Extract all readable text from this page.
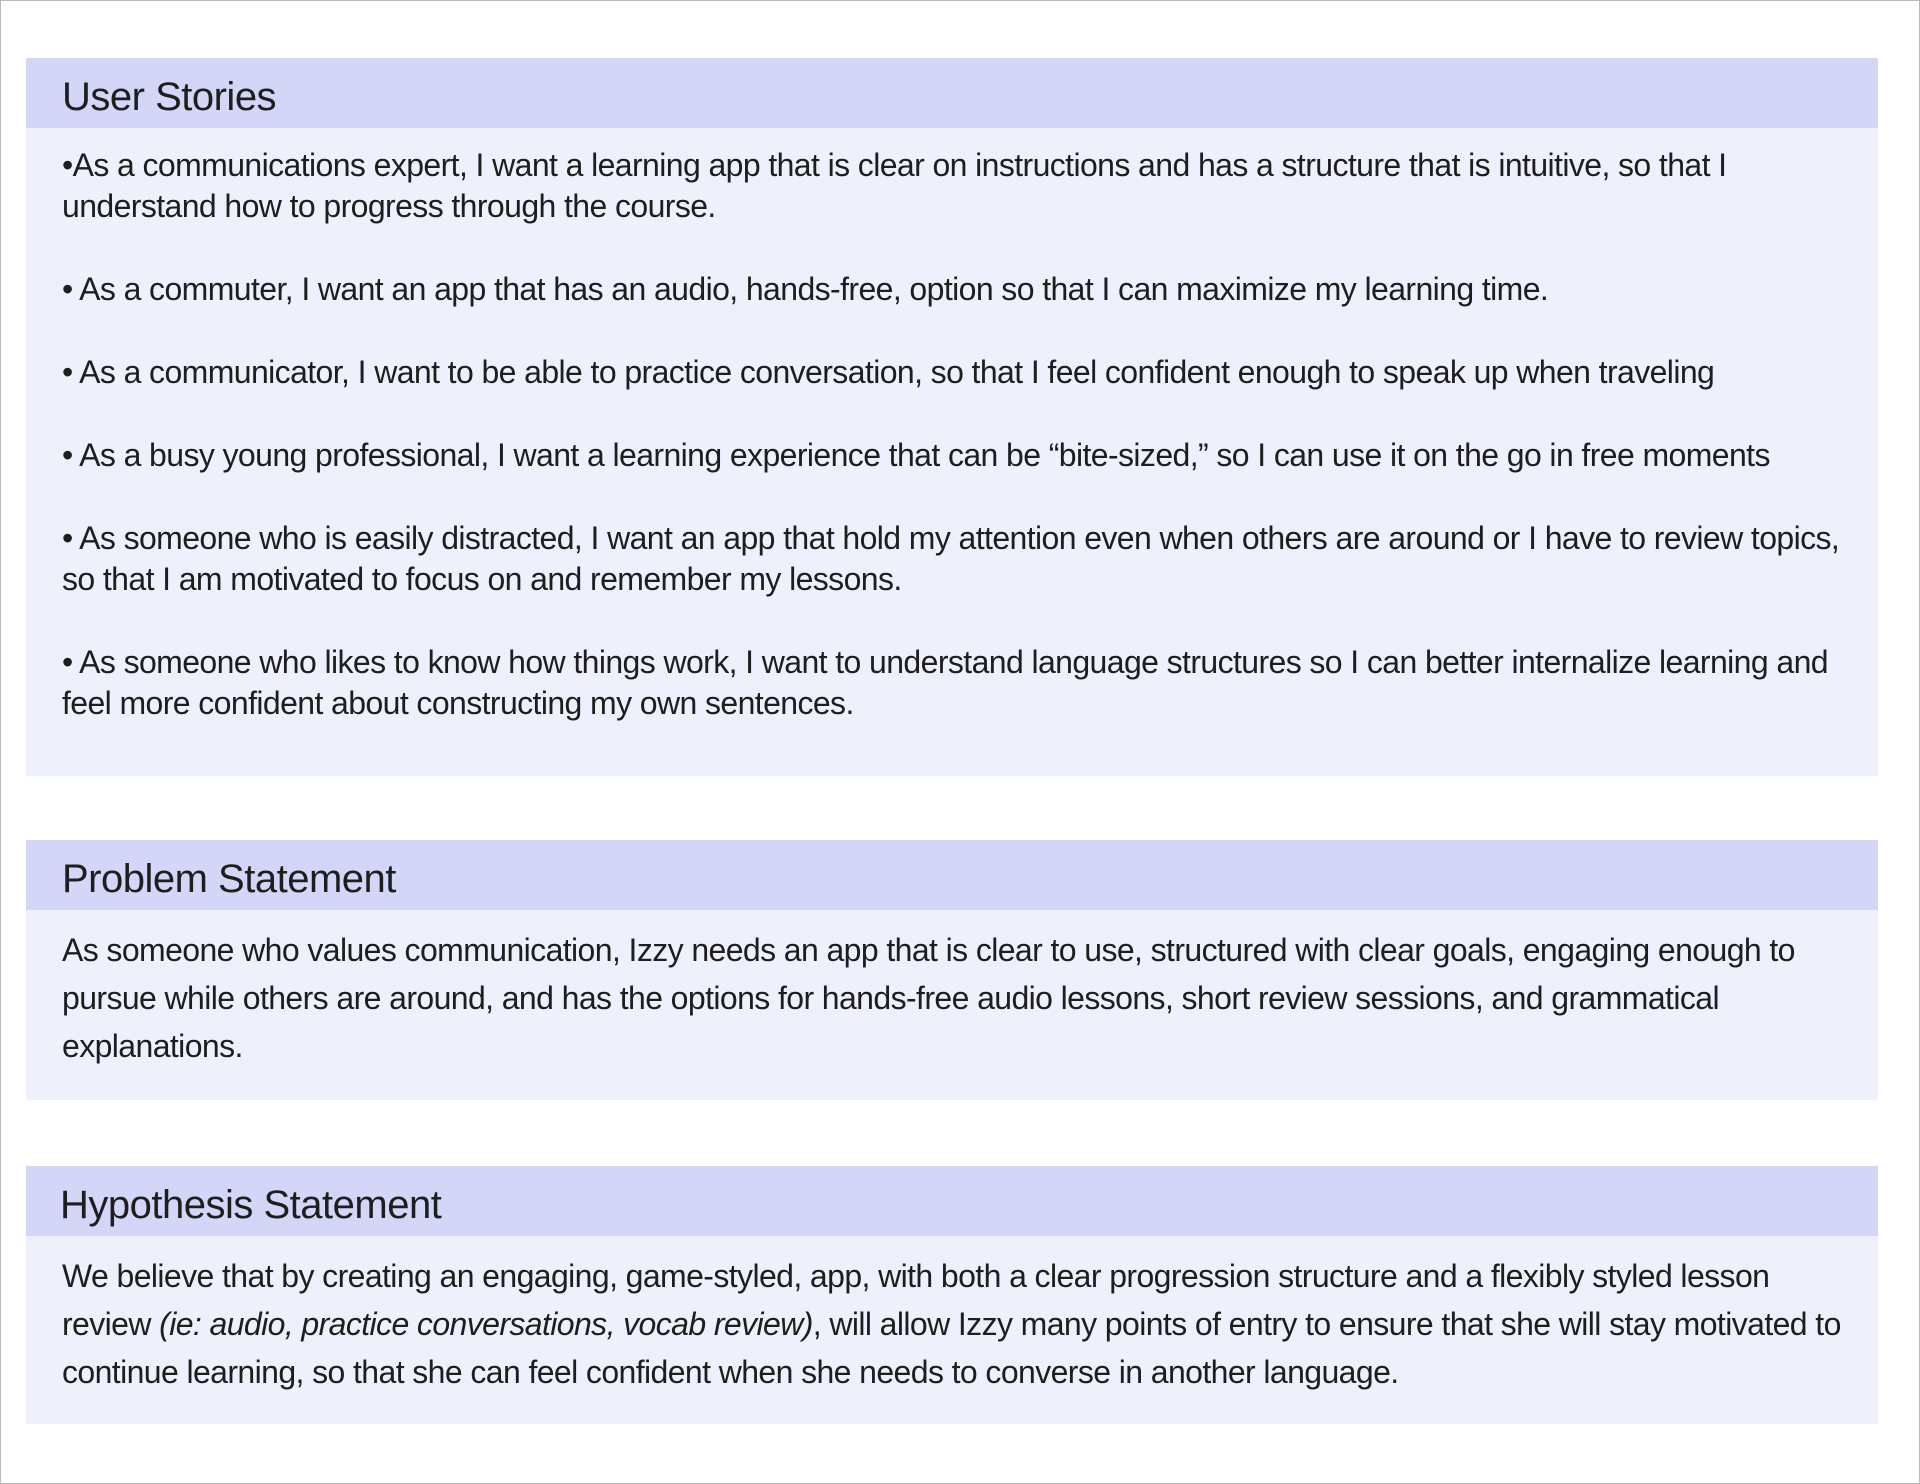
User Stories

•As a communications expert, I want a learning app that is clear on instructions and has a structure that is intuitive, so that I understand how to progress through the course.

• As a commuter, I want an app that has an audio, hands-free, option so that I can maximize my learning time.

• As a communicator, I want to be able to practice conversation, so that I feel confident enough to speak up when traveling

• As a busy young professional, I want a learning experience that can be “bite-sized,” so I can use it on the go in free moments

• As someone who is easily distracted, I want an app that hold my attention even when others are around or I have to review topics, so that I am motivated to focus on and remember my lessons.

• As someone who likes to know how things work, I want to understand language structures so I can better internalize learning and feel more confident about constructing my own sentences.

Problem Statement

As someone who values communication, Izzy needs an app that is clear to use, structured with clear goals, engaging enough to pursue while others are around, and has the options for hands-free audio lessons, short review sessions, and grammatical explanations.

Hypothesis Statement

We believe that by creating an engaging, game-styled, app, with both a clear progression structure and a flexibly styled lesson review (ie: audio, practice conversations, vocab review), will allow Izzy many points of entry to ensure that she will stay motivated to continue learning, so that she can feel confident when she needs to converse in another language.
